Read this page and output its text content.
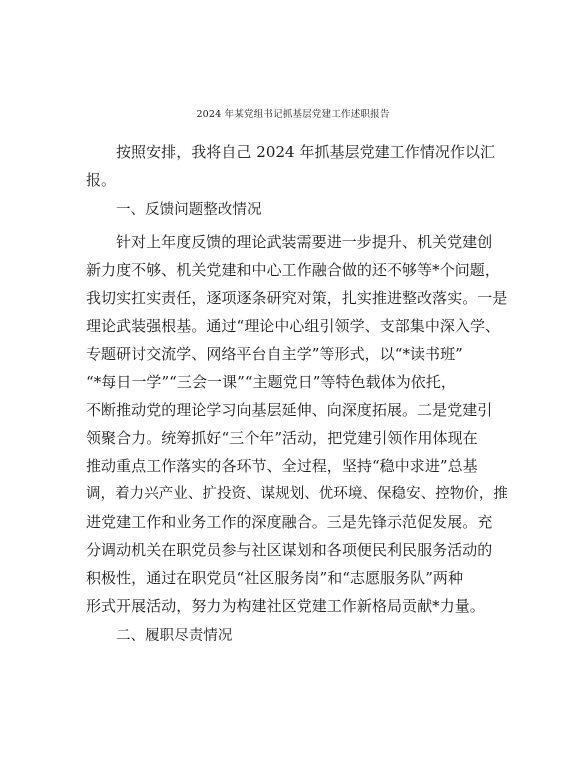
2024 年某党组书记抓基层党建工作述职报告
按照安排，我将自己 2024 年抓基层党建工作情况作以汇
报。
一、反馈问题整改情况
针对上年度反馈的理论武装需要进一步提升、机关党建创
新力度不够、机关党建和中心工作融合做的还不够等*个问题，
我切实扛实责任，逐项逐条研究对策，扎实推进整改落实。一是
理论武装强根基。通过“理论中心组引领学、支部集中深入学、
专题研讨交流学、网络平台自主学”等形式，以“*读书班”
“*每日一学”“三会一课”“主题党日”等特色载体为依托，
不断推动党的理论学习向基层延伸、向深度拓展。二是党建引
领聚合力。统筹抓好“三个年”活动，把党建引领作用体现在
推动重点工作落实的各环节、全过程，坚持“稳中求进”总基
调，着力兴产业、扩投资、谋规划、优环境、保稳安、控物价，推
进党建工作和业务工作的深度融合。三是先锋示范促发展。充
分调动机关在职党员参与社区谋划和各项便民利民服务活动的
积极性，通过在职党员“社区服务岗”和“志愿服务队”两种
形式开展活动，努力为构建社区党建工作新格局贡献*力量。
二、履职尽责情况
